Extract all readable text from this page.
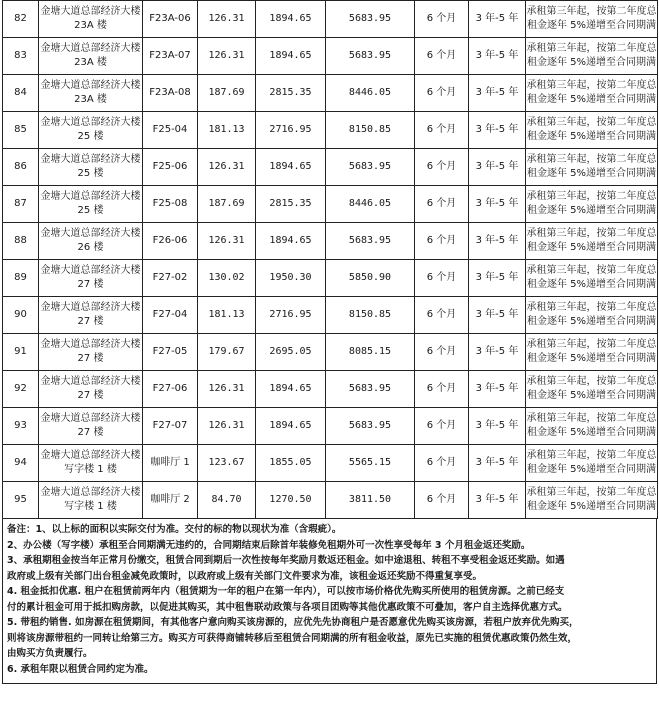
82	金塘大道总部经济大楼 23A 楼	F23A-06	126.31	1894.65	5683.95	6 个月	3 年-5 年	承租第三年起，按第二年度总
租金逐年 5%递增至合同期满

83	金塘大道总部经济大楼 23A 楼	F23A-07	126.31	1894.65	5683.95	6 个月	3 年-5 年	承租第三年起，按第二年度总
租金逐年 5%递增至合同期满

84	金塘大道总部经济大楼 23A 楼	F23A-08	187.69	2815.35	8446.05	6 个月	3 年-5 年	承租第三年起，按第二年度总
租金逐年 5%递增至合同期满

85	金塘大道总部经济大楼 25 楼	F25-04	181.13	2716.95	8150.85	6 个月	3 年-5 年	承租第三年起，按第二年度总
租金逐年 5%递增至合同期满

86	金塘大道总部经济大楼 25 楼	F25-06	126.31	1894.65	5683.95	6 个月	3 年-5 年	承租第三年起，按第二年度总
租金逐年 5%递增至合同期满

87	金塘大道总部经济大楼 25 楼	F25-08	187.69	2815.35	8446.05	6 个月	3 年-5 年	承租第三年起，按第二年度总
租金逐年 5%递增至合同期满

88	金塘大道总部经济大楼 26 楼	F26-06	126.31	1894.65	5683.95	6 个月	3 年-5 年	承租第三年起，按第二年度总
租金逐年 5%递增至合同期满

89	金塘大道总部经济大楼 27 楼	F27-02	130.02	1950.30	5850.90	6 个月	3 年-5 年	承租第三年起，按第二年度总
租金逐年 5%递增至合同期满

90	金塘大道总部经济大楼 27 楼	F27-04	181.13	2716.95	8150.85	6 个月	3 年-5 年	承租第三年起，按第二年度总
租金逐年 5%递增至合同期满

91	金塘大道总部经济大楼 27 楼	F27-05	179.67	2695.05	8085.15	6 个月	3 年-5 年	承租第三年起，按第二年度总
租金逐年 5%递增至合同期满

92	金塘大道总部经济大楼 27 楼	F27-06	126.31	1894.65	5683.95	6 个月	3 年-5 年	承租第三年起，按第二年度总
租金逐年 5%递增至合同期满

93	金塘大道总部经济大楼 27 楼	F27-07	126.31	1894.65	5683.95	6 个月	3 年-5 年	承租第三年起，按第二年度总
租金逐年 5%递增至合同期满

94	金塘大道总部经济大楼写字楼 1 楼	咖啡厅 1	123.67	1855.05	5565.15	6 个月	3 年-5 年	承租第三年起，按第二年度总
租金逐年 5%递增至合同期满

95	金塘大道总部经济大楼写字楼 1 楼	咖啡厅 2	84.70	1270.50	3811.50	6 个月	3 年-5 年	承租第三年起，按第二年度总
租金逐年 5%递增至合同期满
备注：1、以上标的面积以实际交付为准。交付的标的物以现状为准（含瑕疵）。
2、办公楼（写字楼）承租至合同期满无违约的，合同期结束后除首年装修免租期外可一次性享受每年 3 个月租金返还奖励。
3、承租期租金按当年正常月份缴交，租赁合同到期后一次性按每年奖励月数返还租金。如中途退租、转租不享受租金返还奖励。如遇
政府或上级有关部门出台租金减免政策时，以政府或上级有关部门文件要求为准，该租金返还奖励不得重复享受。
4. 租金抵扣优惠. 租户在租赁前两年内（租赁期为一年的租户在第一年内），可以按市场价格优先购买所使用的租赁房源。之前已经支
付的累计租金可用于抵扣购房款，以促进其购买，其中租售联动政策与各项目团购等其他优惠政策不可叠加，客户自主选择优惠方式。
5. 带租约销售. 如房源在租赁期间，有其他客户意向购买该房源的，应优先先协商租户是否愿意优先购买该房源，若租户放弃优先购买，
则将该房源带租约一同转让给第三方。购买方可获得商铺转移后至租赁合同期满的所有租金收益，原先已实施的租赁优惠政策仍然生效，
由购买方负责履行。
6. 承租年限以租赁合同约定为准。
